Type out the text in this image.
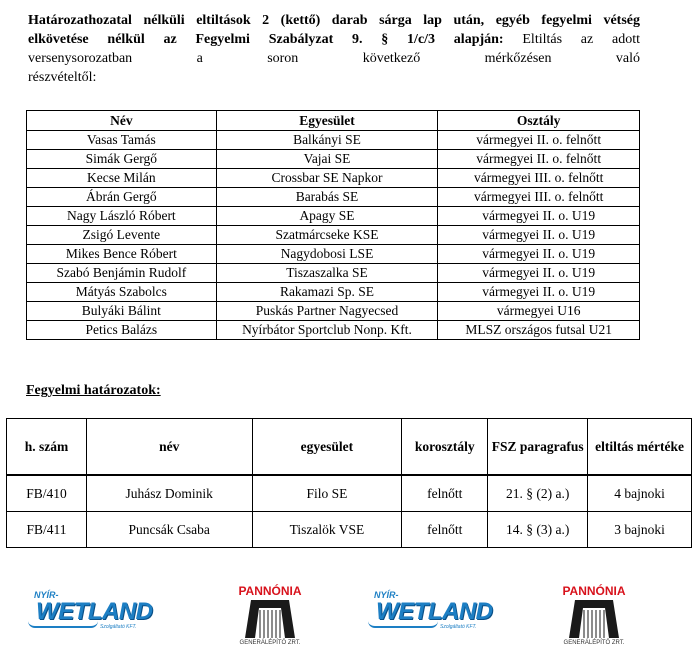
Határozathozatal nélküli eltiltások 2 (kettő) darab sárga lap után, egyéb fegyelmi vétség
elkövetése nélkül az Fegyelmi Szabályzat 9. § 1/c/3 alapján: Eltiltás az adott
versenysorozatban a soron következő mérkőzésen való
részvételtől:
Név	Egyesület	Osztály
Vasas Tamás	Balkányi SE	vármegyei II. o. felnőtt
Simák Gergő	Vajai SE	vármegyei II. o. felnőtt
Kecse Milán	Crossbar SE Napkor	vármegyei III. o. felnőtt
Ábrán Gergő	Barabás SE	vármegyei III. o. felnőtt
Nagy László Róbert	Apagy SE	vármegyei II. o. U19
Zsigó Levente	Szatmárcseke KSE	vármegyei II. o. U19
Mikes Bence Róbert	Nagydobosi LSE	vármegyei II. o. U19
Szabó Benjámin Rudolf	Tiszaszalka SE	vármegyei II. o. U19
Mátyás Szabolcs	Rakamazi Sp. SE	vármegyei II. o. U19
Bulyáki Bálint	Puskás Partner Nagyecsed	vármegyei U16
Petics Balázs	Nyírbátor Sportclub Nonp. Kft.	MLSZ országos futsal U21
Fegyelmi határozatok:
h. szám	név	egyesület	korosztály	FSZ paragrafus	eltiltás mértéke
FB/410	Juhász Dominik	Filo SE	felnőtt	21. § (2) a.)	4 bajnoki
FB/411	Puncsák Csaba	Tiszalök VSE	felnőtt	14. § (3) a.)	3 bajnoki
NYÍR-
WETLAND
Szolgáltató KFT.
PANNÓNIA
GENERÁLÉPÍTŐ ZRT.
NYÍR-
WETLAND
Szolgáltató KFT.
PANNÓNIA
GENERÁLÉPÍTŐ ZRT.
